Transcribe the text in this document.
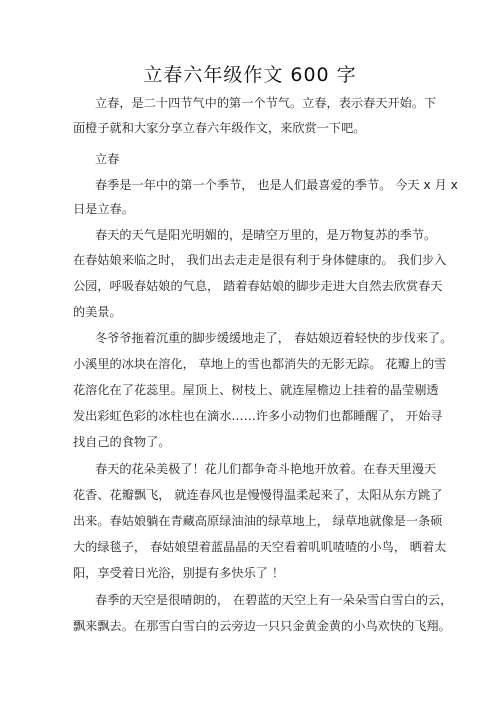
立春六年级作文 600 字
立春，是二十四节气中的第一个节气。立春，表示春天开始。下
面橙子就和大家分享立春六年级作文，来欣赏一下吧。
立春
春季是一年中的第一个季节， 也是人们最喜爱的季节。 今天 x 月 x
日是立春。
春天的天气是阳光明媚的，是晴空万里的，是万物复苏的季节。
在春姑娘来临之时， 我们出去走走是很有利于身体健康的。 我们步入
公园，呼吸春姑娘的气息， 踏着春姑娘的脚步走进大自然去欣赏春天
的美景。
冬爷爷拖着沉重的脚步缓缓地走了， 春姑娘迈着轻快的步伐来了。
小溪里的冰块在溶化， 草地上的雪也都消失的无影无踪。 花瓣上的雪
花溶化在了花蕊里。屋顶上、树枝上、就连屋檐边上挂着的晶莹剔透
发出彩虹色彩的冰柱也在滴水……许多小动物们也都睡醒了， 开始寻
找自己的食物了。
春天的花朵美极了！花儿们都争奇斗艳地开放着。在春天里漫天
花香、花瓣飘飞， 就连春风也是慢慢得温柔起来了，太阳从东方跳了
出来。春姑娘躺在青藏高原绿油油的绿草地上， 绿草地就像是一条硕
大的绿毯子， 春姑娘望着蓝晶晶的天空看着叽叽喳喳的小鸟， 晒着太
阳，享受着日光浴，别提有多快乐了 ！
春季的天空是很晴朗的， 在碧蓝的天空上有一朵朵雪白雪白的云，
飘来飘去。在那雪白雪白的云旁边一只只金黄金黄的小鸟欢快的飞翔。
